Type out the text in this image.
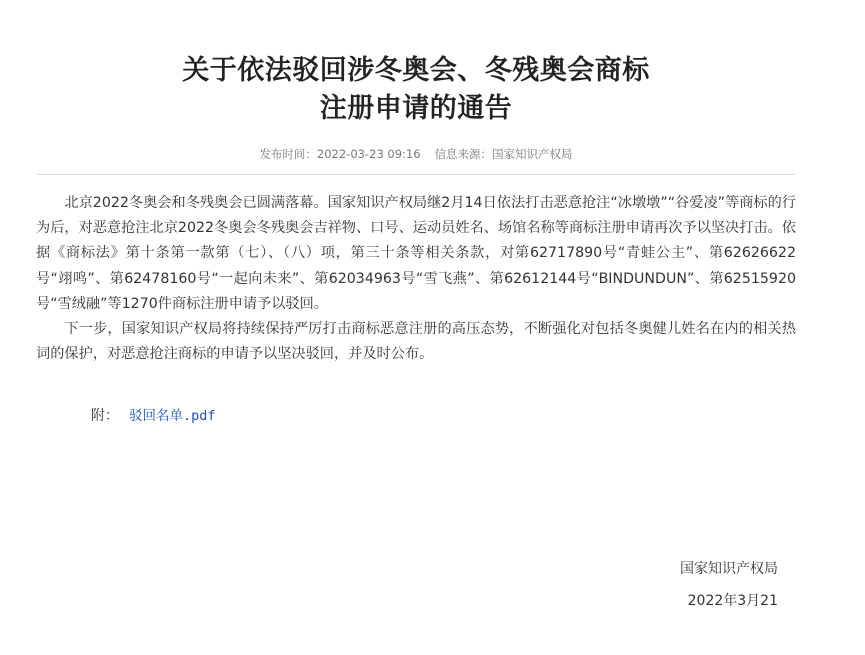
关于依法驳回涉冬奥会、冬残奥会商标
注册申请的通告
发布时间：2022-03-23 09:16 信息来源：国家知识产权局

北京2022冬奥会和冬残奥会已圆满落幕。国家知识产权局继2月14日依法打击恶意抢注“冰墩墩”“谷爱凌”等商标的行为后，对恶意抢注北京2022冬奥会冬残奥会吉祥物、口号、运动员姓名、场馆名称等商标注册申请再次予以坚决打击。依据《商标法》第十条第一款第（七）、（八）项，第三十条等相关条款，对第62717890号“青蛙公主”、第62626622号“翊鸣”、第62478160号“一起向未来”、第62034963号“雪飞燕”、第62612144号“BINDUNDUN”、第62515920号“雪绒融”等1270件商标注册申请予以驳回。

下一步，国家知识产权局将持续保持严厉打击商标恶意注册的高压态势，不断强化对包括冬奥健儿姓名在内的相关热词的保护，对恶意抢注商标的申请予以坚决驳回，并及时公布。

附： 驳回名单.pdf
国家知识产权局
2022年3月21
